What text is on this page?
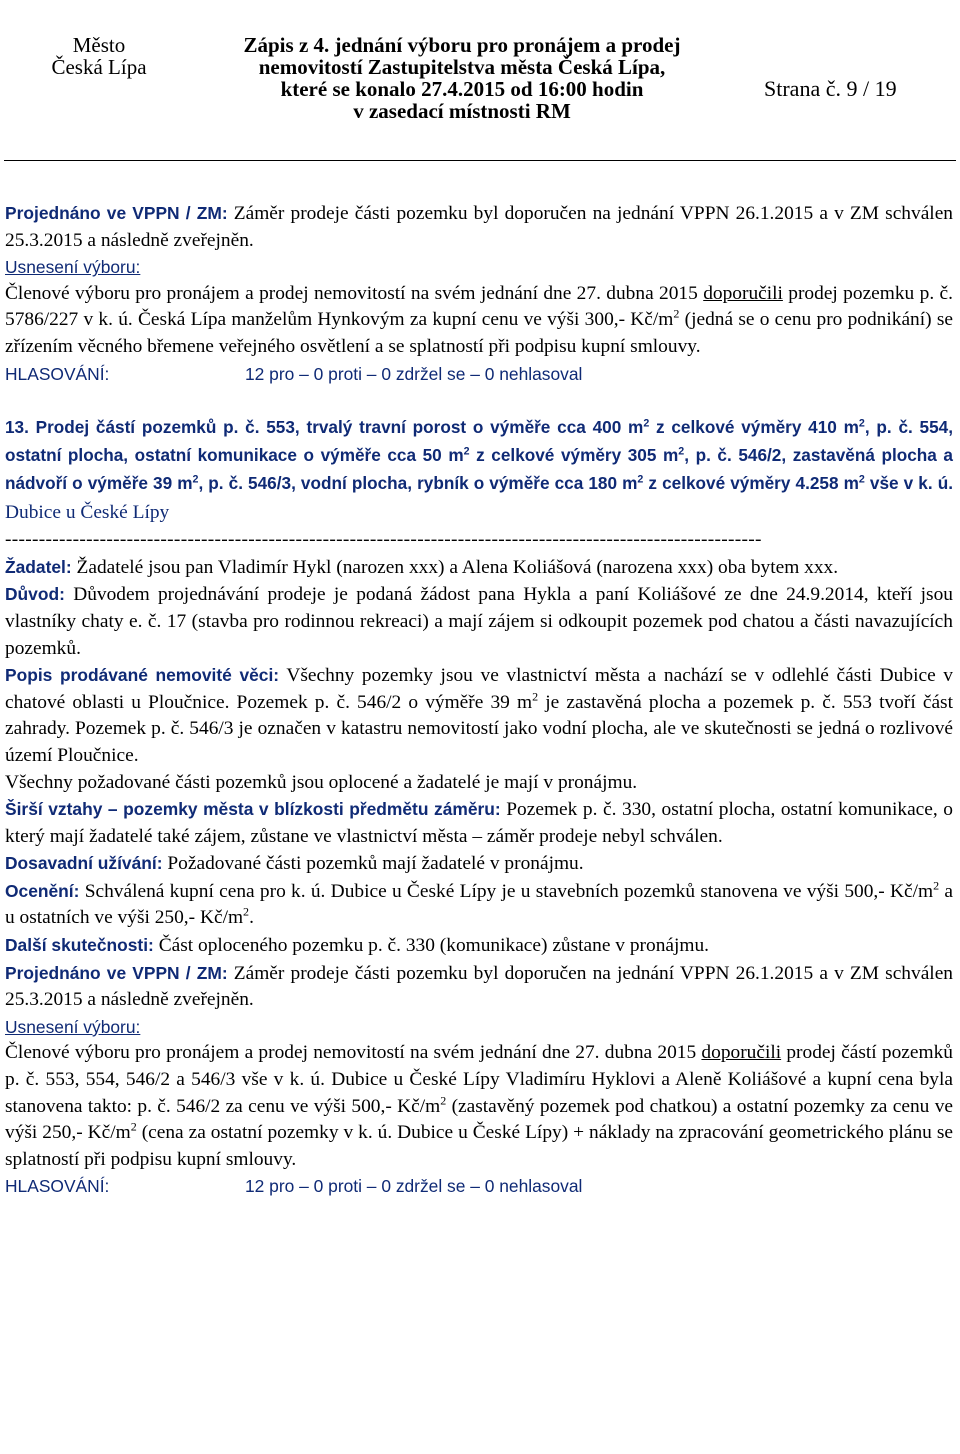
Město
Česká Lípa
Zápis z 4. jednání výboru pro pronájem a prodej
nemovitostí Zastupitelstva města Česká Lípa,
které se konalo 27.4.2015 od 16:00 hodin
v zasedací místnosti RM
Strana č. 9 / 19

Projednáno ve VPPN / ZM: Záměr prodeje části pozemku byl doporučen na jednání VPPN 26.1.2015 a v ZM schválen 25.3.2015 a následně zveřejněn.

Usnesení výboru:

Členové výboru pro pronájem a prodej nemovitostí na svém jednání dne 27. dubna 2015 doporučili prodej pozemku p. č. 5786/227 v k. ú. Česká Lípa manželům Hynkovým za kupní cenu ve výši 300,- $Kč/m^2$ (jedná se o cenu pro podnikání) se zřízením věcného břemene veřejného osvětlení a se splatností při podpisu kupní smlouvy.

HLASOVÁNÍ:	12 pro – 0 proti – 0 zdržel se – 0 nehlasoval

13. Prodej částí pozemků p. č. 553, trvalý travní porost o výměře cca 400 $m^2$ z celkové výměry 410 $m^2$, p. č. 554, ostatní plocha, ostatní komunikace o výměře cca 50 $m^2$ z celkové výměry 305 $m^2$, p. č. 546/2, zastavěná plocha a nádvoří o výměře 39 $m^2$, p. č. 546/3, vodní plocha, rybník o výměře cca 180 $m^2$ z celkové výměry 4.258 $m^2$ vše v k. ú. Dubice u České Lípy

----------------------------------------------------------------------------------------------------------------

Žadatel: Žadatelé jsou pan Vladimír Hykl (narozen xxx) a Alena Koliášová (narozena xxx) oba bytem xxx.

Důvod: Důvodem projednávání prodeje je podaná žádost pana Hykla a paní Koliášové ze dne 24.9.2014, kteří jsou vlastníky chaty e. č. 17 (stavba pro rodinnou rekreaci) a mají zájem si odkoupit pozemek pod chatou a části navazujících pozemků.

Popis prodávané nemovité věci: Všechny pozemky jsou ve vlastnictví města a nachází se v odlehlé části Dubice v chatové oblasti u Ploučnice. Pozemek p. č. 546/2 o výměře 39 $m^2$ je zastavěná plocha a pozemek p. č. 553 tvoří část zahrady. Pozemek p. č. 546/3 je označen v katastru nemovitostí jako vodní plocha, ale ve skutečnosti se jedná o rozlivové území Ploučnice.

Všechny požadované části pozemků jsou oplocené a žadatelé je mají v pronájmu.

Širší vztahy – pozemky města v blízkosti předmětu záměru: Pozemek p. č. 330, ostatní plocha, ostatní komunikace, o který mají žadatelé také zájem, zůstane ve vlastnictví města – záměr prodeje nebyl schválen.

Dosavadní užívání: Požadované části pozemků mají žadatelé v pronájmu.

Ocenění: Schválená kupní cena pro k. ú. Dubice u České Lípy je u stavebních pozemků stanovena ve výši 500,- $Kč/m^2$ a u ostatních ve výši 250,- $Kč/m^2$.

Další skutečnosti: Část oploceného pozemku p. č. 330 (komunikace) zůstane v pronájmu.

Projednáno ve VPPN / ZM: Záměr prodeje části pozemku byl doporučen na jednání VPPN 26.1.2015 a v ZM schválen 25.3.2015 a následně zveřejněn.

Usnesení výboru:

Členové výboru pro pronájem a prodej nemovitostí na svém jednání dne 27. dubna 2015 doporučili prodej částí pozemků p. č. 553, 554, 546/2 a 546/3 vše v k. ú. Dubice u České Lípy Vladimíru Hyklovi a Aleně Koliášové a kupní cena byla stanovena takto: p. č. 546/2 za cenu ve výši 500,- $Kč/m^2$ (zastavěný pozemek pod chatkou) a ostatní pozemky za cenu ve výši 250,- $Kč/m^2$ (cena za ostatní pozemky v k. ú. Dubice u České Lípy) + náklady na zpracování geometrického plánu se splatností při podpisu kupní smlouvy.

HLASOVÁNÍ:	12 pro – 0 proti – 0 zdržel se – 0 nehlasoval
